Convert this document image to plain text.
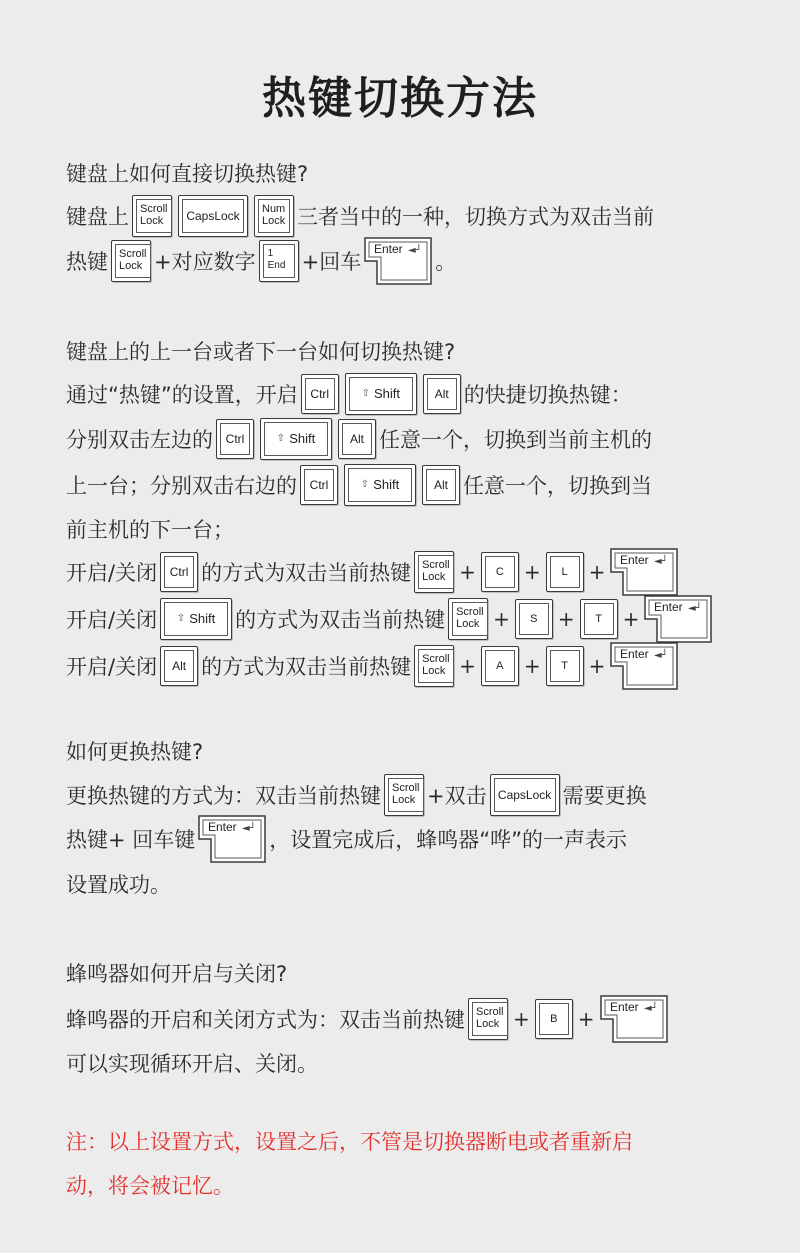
热键切换方法
键盘上如何直接切换热键?
键盘上 Scroll
Lock	CapsLock	Num
Lock 三者当中的一种，切换方式为双击当前
热键 Scroll
Lock +对应数字 1
End +回车
Enter ◄┘ 。
键盘上的上一台或者下一台如何切换热键?
通过“热键”的设置，开启	Ctrl	⇧ Shift	Alt 的快捷切换热键：
分别双击左边的	Ctrl	⇧ Shift	Alt 任意一个，切换到当前主机的
上一台；分别双击右边的	Ctrl	⇧ Shift	Alt 任意一个，切换到当
前主机的下一台；
开启/关闭	Ctrl 的方式为双击当前热键 Scroll
Lock +	C	+	L	+ Enter ◄┘
开启/关闭 ⇧ Shift 的方式为双击当前热键 Scroll
Lock +	S	+	T	+ Enter ◄┘
开启/关闭	Alt 的方式为双击当前热键 Scroll
Lock +	A	+	T	+ Enter ◄┘
如何更换热键?
更换热键的方式为：双击当前热键 Scroll
Lock +双击 CapsLock 需要更换
热键+ 回车键
Enter ◄┘ ，设置完成后，蜂鸣器“哗”的一声表示
设置成功。
蜂鸣器如何开启与关闭?
蜂鸣器的开启和关闭方式为：双击当前热键 Scroll
Lock +	B	+ Enter ◄┘
可以实现循环开启、关闭。
注：以上设置方式，设置之后，不管是切换器断电或者重新启
动，将会被记忆。
